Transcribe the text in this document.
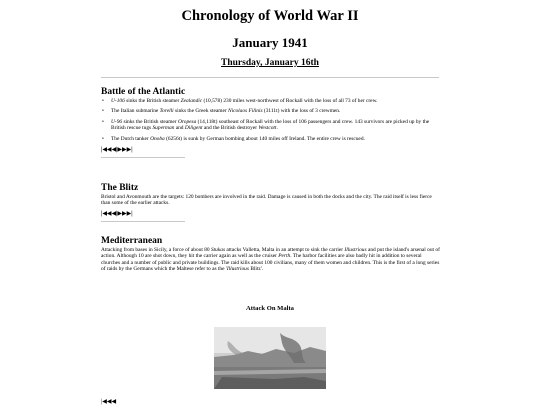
Chronology of World War II
January 1941
Thursday, January 16th
Battle of the Atlantic
• U-106 sinks the British steamer Zealandic (10,578) 230 miles west-northwest of Rockall with the loss of all 73 of her crew.
• The Italian submarine Torelli sinks the Greek steamer Nicolaos Filinis (3111t) with the loss of 3 crewmen.
• U-96 sinks the British steamer Oropesa (14,118t) southeast of Rockall with the loss of 106 passengers and crew. 143 survivors are picked up by the British rescue tugs Superman and Diligent and the British destroyer Westcott.
• The Dutch tanker Onoba (6256t) is sunk by German bombing about 140 miles off Ireland. The entire crew is rescued.
|◀◀◀|▶▶▶|
The Blitz

Bristol and Avonmouth are the targets: 120 bombers are involved in the raid. Damage is caused in both the docks and the city. The raid itself is less fierce than some of the earlier attacks.

|◀◀◀|▶▶▶|
Mediterranean

Attacking from bases in Sicily, a force of about 80 Stukas attacks Valletta, Malta in an attempt to sink the carrier Illustrious and put the island's arsenal out of action. Although 10 are shot down, they hit the carrier again as well as the cruiser Perth. The harbor facilities are also badly hit in addition to several churches and a number of public and private buildings. The raid kills about 100 civilians, many of them women and children. This is the first of a long series of raids by the Germans which the Maltese refer to as the 'Illustrious Blitz'.

Attack On Malta
|◀◀◀
